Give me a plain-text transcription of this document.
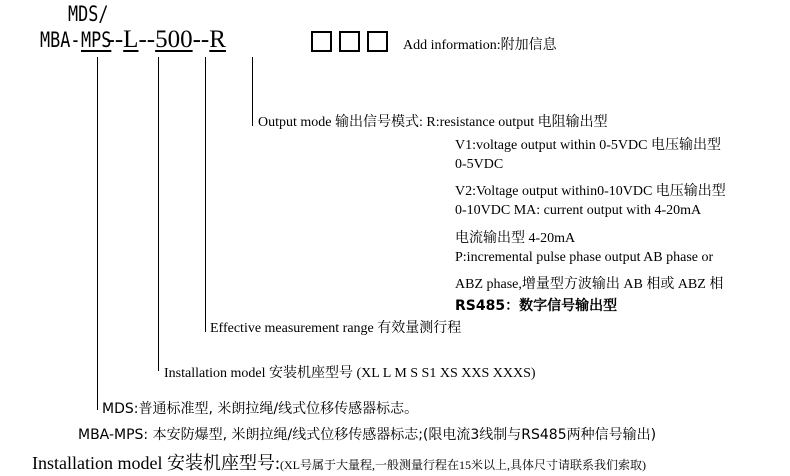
MDS/
MBA-MPS--L--500--R	Add information:附加信息
Output mode 输出信号模式: R:resistance output 电阻输出型
V1:voltage output within 0-5VDC 电压输出型
0-5VDC
V2:Voltage output within0-10VDC 电压输出型
0-10VDC MA: current output with 4-20mA
电流输出型 4-20mA
P:incremental pulse phase output AB phase or
ABZ phase,增量型方波输出 AB 相或 ABZ 相
RS485：数字信号输出型
Effective measurement range 有效量测行程
Installation model 安装机座型号 (XL L M S S1 XS XXS XXXS)
MDS:普通标准型, 米朗拉绳/线式位移传感器标志。
MBA-MPS: 本安防爆型, 米朗拉绳/线式位移传感器标志;(限电流3线制与RS485两种信号输出)
Installation model 安装机座型号:(XL号属于大量程,一般测量行程在15米以上,具体尺寸请联系我们索取)
